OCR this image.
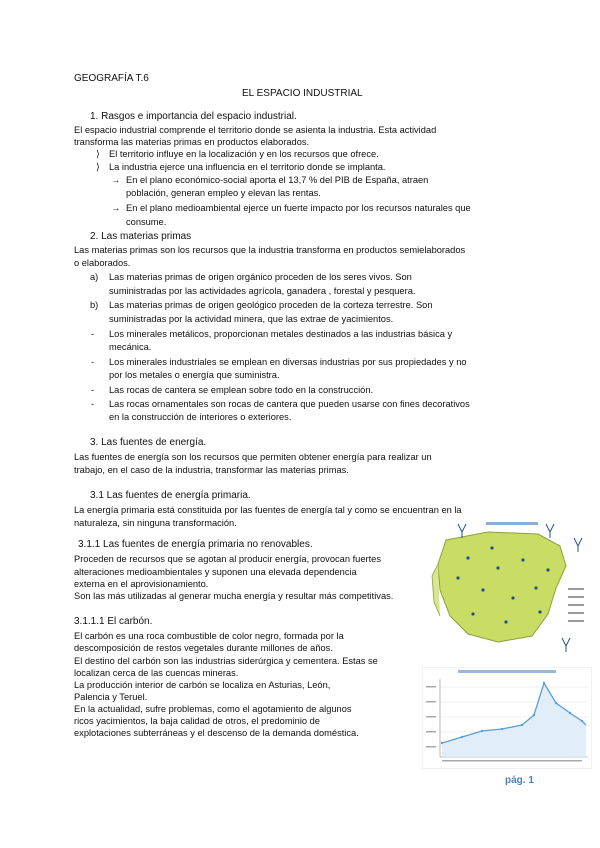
GEOGRAFÍA T.6
EL ESPACIO INDUSTRIAL
1. Rasgos e importancia del espacio industrial.
El espacio industrial comprende el territorio donde se asienta la industria. Esta actividad
transforma las materias primas en productos elaborados.
⟩ El territorio influye en la localización y en los recursos que ofrece.
⟩ La industria ejerce una influencia en el territorio donde se implanta.
→ En el plano económico-social aporta el 13,7 % del PIB de España, atraen
población, generan empleo y elevan las rentas.
→ En el plano medioambiental ejerce un fuerte impacto por los recursos naturales que
consume.
2. Las materias primas
Las materias primas son los recursos que la industria transforma en productos semielaborados
o elaborados.
a) Las materias primas de origen orgánico proceden de los seres vivos. Son
suministradas por las actividades agrícola, ganadera , forestal y pesquera.
b) Las materias primas de origen geológico proceden de la corteza terrestre. Son
suministradas por la actividad minera, que las extrae de yacimientos.
- Los minerales metálicos, proporcionan metales destinados a las industrias básica y
mecánica.
- Los minerales industriales se emplean en diversas industrias por sus propiedades y no
por los metales o energía que suministra.
- Las rocas de cantera se emplean sobre todo en la construcción.
- Las rocas ornamentales son rocas de cantera que pueden usarse con fines decorativos
en la construcción de interiores o exteriores.
3. Las fuentes de energía.
Las fuentes de energía son los recursos que permiten obtener energía para realizar un
trabajo, en el caso de la industria, transformar las materias primas.
3.1 Las fuentes de energía primaria.
La energía primaria está constituida por las fuentes de energía tal y como se encuentran en la
naturaleza, sin ninguna transformación.
3.1.1 Las fuentes de energía primaria no renovables.
Proceden de recursos que se agotan al producir energía, provocan fuertes
alteraciones medioambientales y suponen una elevada dependencia
externa en el aprovisionamiento.
Son las más utilizadas al generar mucha energía y resultar más competitivas.
3.1.1.1 El carbón.
El carbón es una roca combustible de color negro, formada por la
descomposición de restos vegetales durante millones de años.
El destino del carbón son las industrias siderúrgica y cementera. Estas se
localizan cerca de las cuencas mineras.
La producción interior de carbón se localiza en Asturias, León,
Palencia y Teruel.
En la actualidad, sufre problemas, como el agotamiento de algunos
ricos yacimientos, la baja calidad de otros, el predominio de
explotaciones subterráneas y el descenso de la demanda doméstica.
pág. 1
